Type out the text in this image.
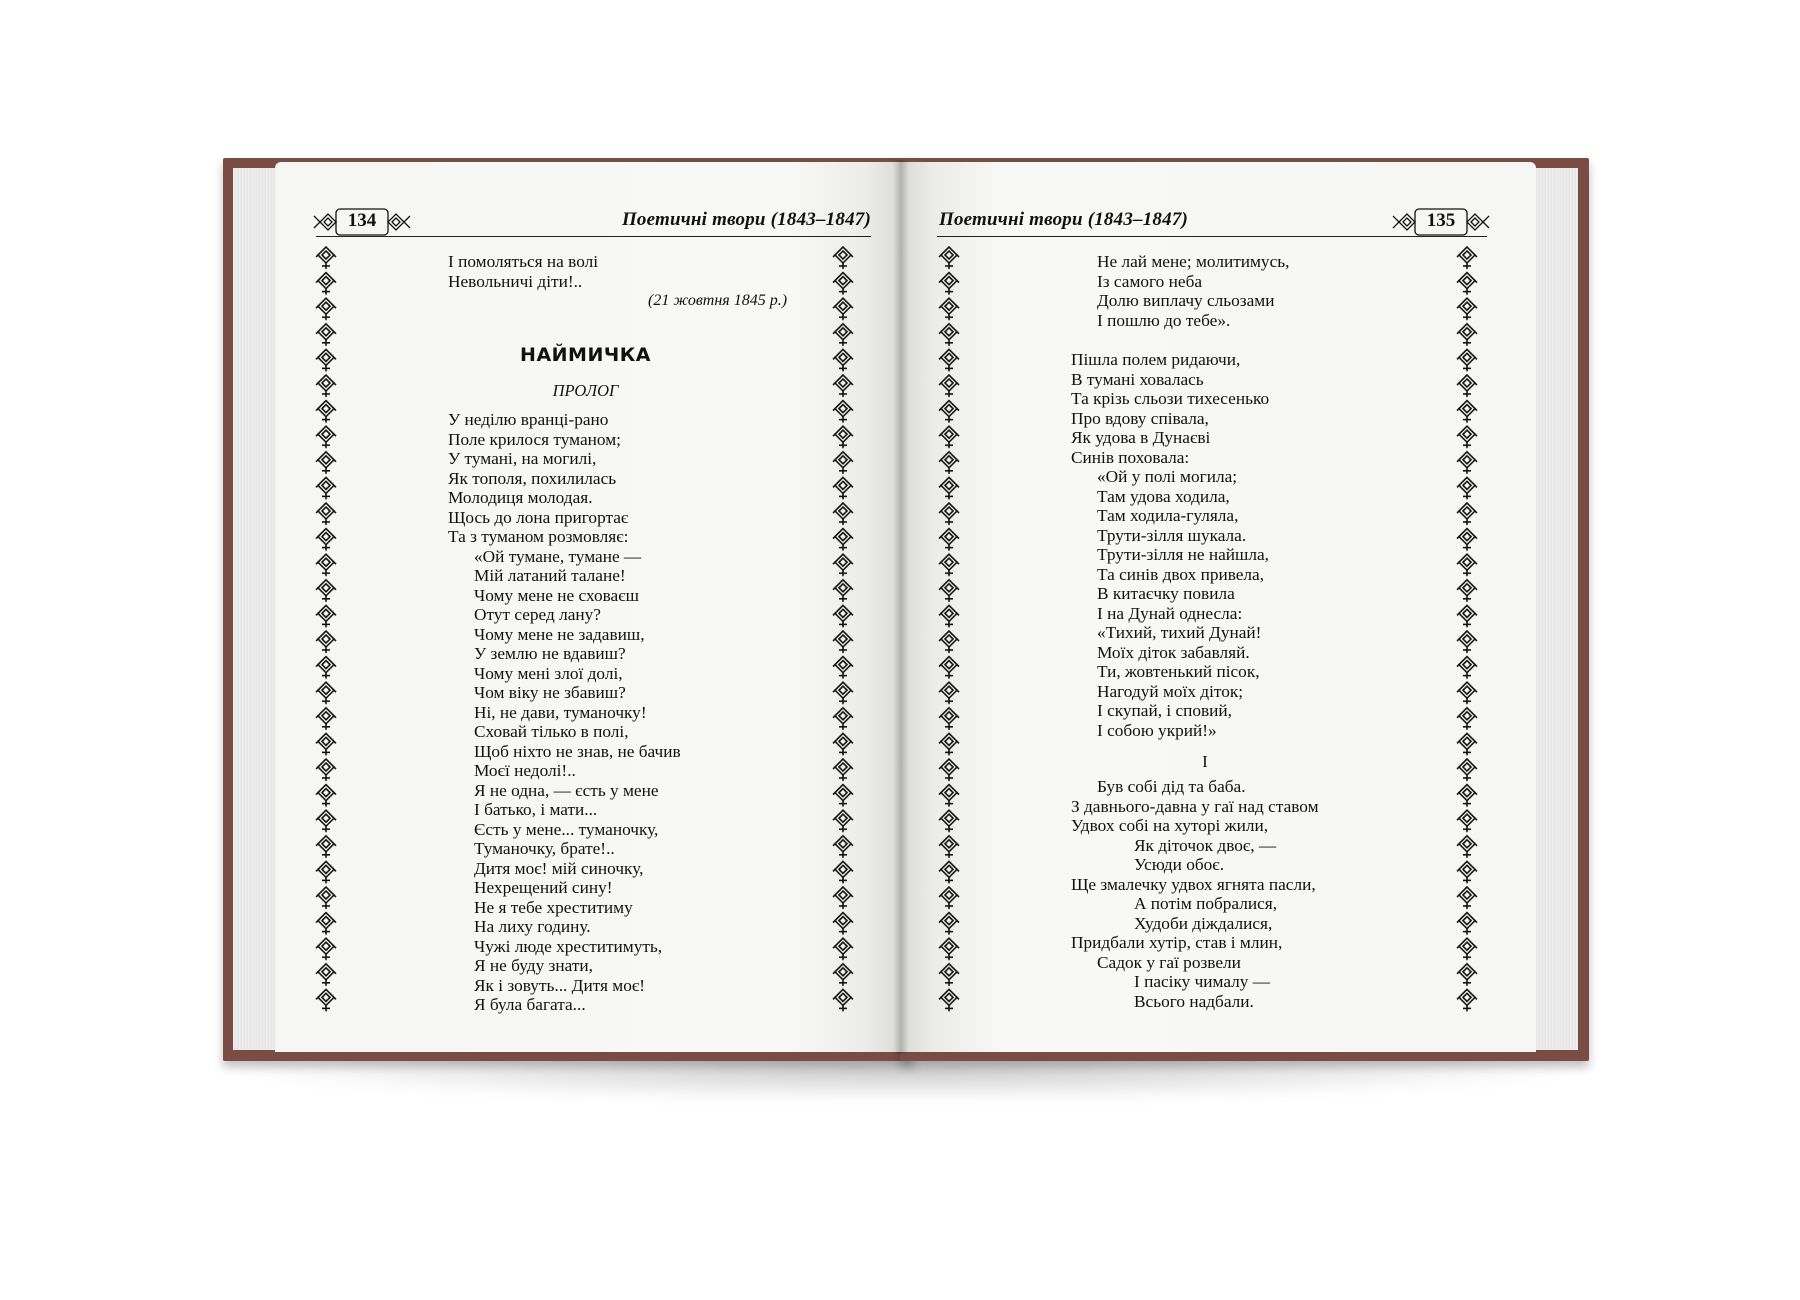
134	Поетичні твори (1843–1847)	Поетичні твори (1843–1847)	135
І помоляться на волі
Невольничі діти!..
(21 жовтня 1845 р.)
НАЙМИЧКА
ПРОЛОГ
У неділю вранці-рано
Поле крилося туманом;
У тумані, на могилі,
Як тополя, похилилась
Молодиця молодая.
Щось до лона пригортає
Та з туманом розмовляє:
«Ой тумане, тумане —
Мій латаний талане!
Чому мене не сховаєш
Отут серед лану?
Чому мене не задавиш,
У землю не вдавиш?
Чому мені злої долі,
Чом віку не збавиш?
Ні, не дави, туманочку!
Сховай тілько в полі,
Щоб ніхто не знав, не бачив
Моєї недолі!..
Я не одна, — єсть у мене
І батько, і мати...
Єсть у мене... туманочку,
Туманочку, брате!..
Дитя моє! мій синочку,
Нехрещений сину!
Не я тебе хреститиму
На лиху годину.
Чужі люде хреститимуть,
Я не буду знати,
Як і зовуть... Дитя моє!
Я була багата...
Не лай мене; молитимусь,
Із самого неба
Долю виплачу сльозами
І пошлю до тебе».
Пішла полем ридаючи,
В тумані ховалась
Та крізь сльози тихесенько
Про вдову співала,
Як удова в Дунаєві
Синів поховала:
«Ой у полі могила;
Там удова ходила,
Там ходила-гуляла,
Трути-зілля шукала.
Трути-зілля не найшла,
Та синів двох привела,
В китаєчку повила
І на Дунай однесла:
«Тихий, тихий Дунай!
Моїх діток забавляй.
Ти, жовтенький пісок,
Нагодуй моїх діток;
І скупай, і сповий,
І собою укрий!»
I
Був собі дід та баба.
З давнього-давна у гаї над ставом
Удвох собі на хуторі жили,
Як діточок двоє, —
Усюди обоє.
Ще змалечку удвох ягнята пасли,
А потім побралися,
Худоби діждалися,
Придбали хутір, став і млин,
Садок у гаї розвели
І пасіку чималу —
Всього надбали.
